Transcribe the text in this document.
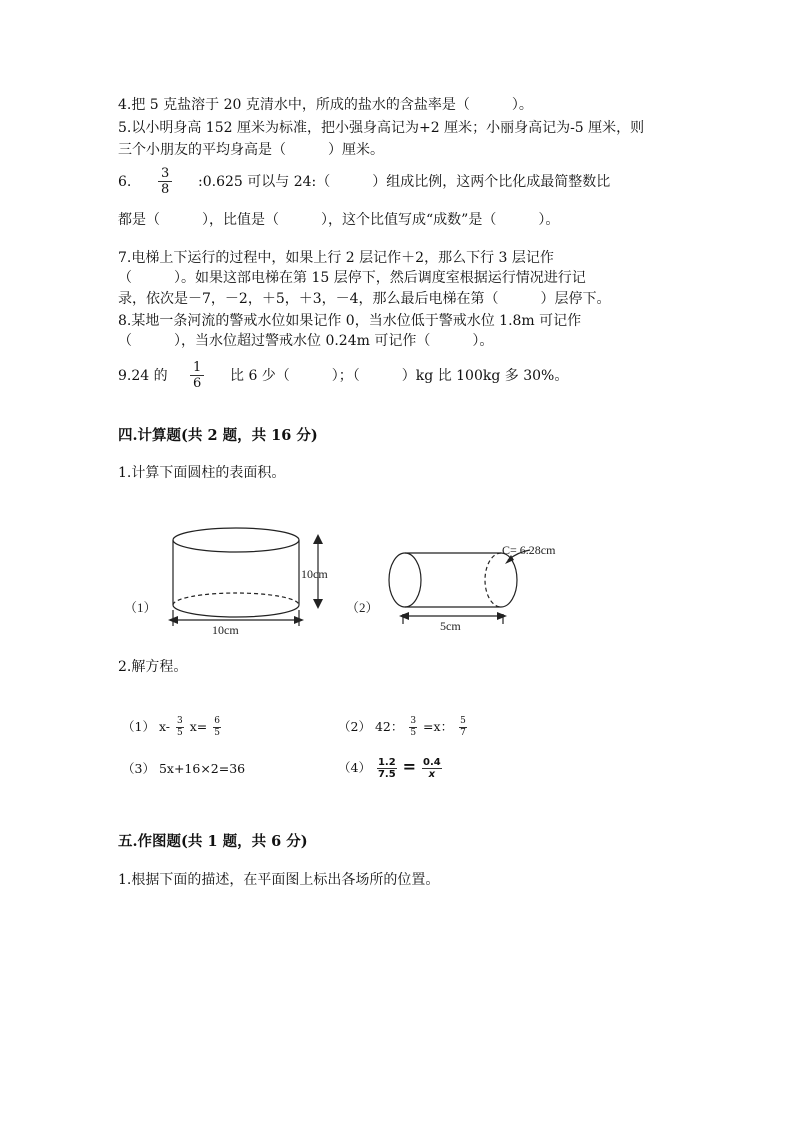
4.把 5 克盐溶于 20 克清水中，所成的盐水的含盐率是（　　　）。
5.以小明身高 152 厘米为标准，把小强身高记为+2 厘米；小丽身高记为-5 厘米，则三个小朋友的平均身高是（　　　）厘米。
6. $\frac{3}{8}$ :0.625 可以与 24:（　　　）组成比例，这两个比化成最简整数比
都是（　　　），比值是（　　　），这个比值写成“成数”是（　　　）。
7.电梯上下运行的过程中，如果上行 2 层记作＋2，那么下行 3 层记作
（　　　）。如果这部电梯在第 15 层停下，然后调度室根据运行情况进行记
录，依次是－7，－2，＋5，＋3，－4，那么最后电梯在第（　　　）层停下。
8.某地一条河流的警戒水位如果记作 0，当水位低于警戒水位 1.8m 可记作
（　　　），当水位超过警戒水位 0.24m 可记作（　　　）。
9.24 的 $\frac{1}{6}$ 比 6 少（　　　）；（　　　）kg 比 100kg 多 30%。
四.计算题(共 2 题，共 16 分)
1.计算下面圆柱的表面积。
（1）
10cm
10cm
（2）
C= 6.28cm
5cm
2.解方程。
（1） $x- \frac{3}{5} x= \frac{6}{5}$	（2） 42： $\frac{3}{5} =x$： $\frac{5}{7}$
（3） 5x+16×2=36	$(4) \frac{1.2}{7.5} = \frac{0.4}{x}$
五.作图题(共 1 题，共 6 分)
1.根据下面的描述，在平面图上标出各场所的位置。
